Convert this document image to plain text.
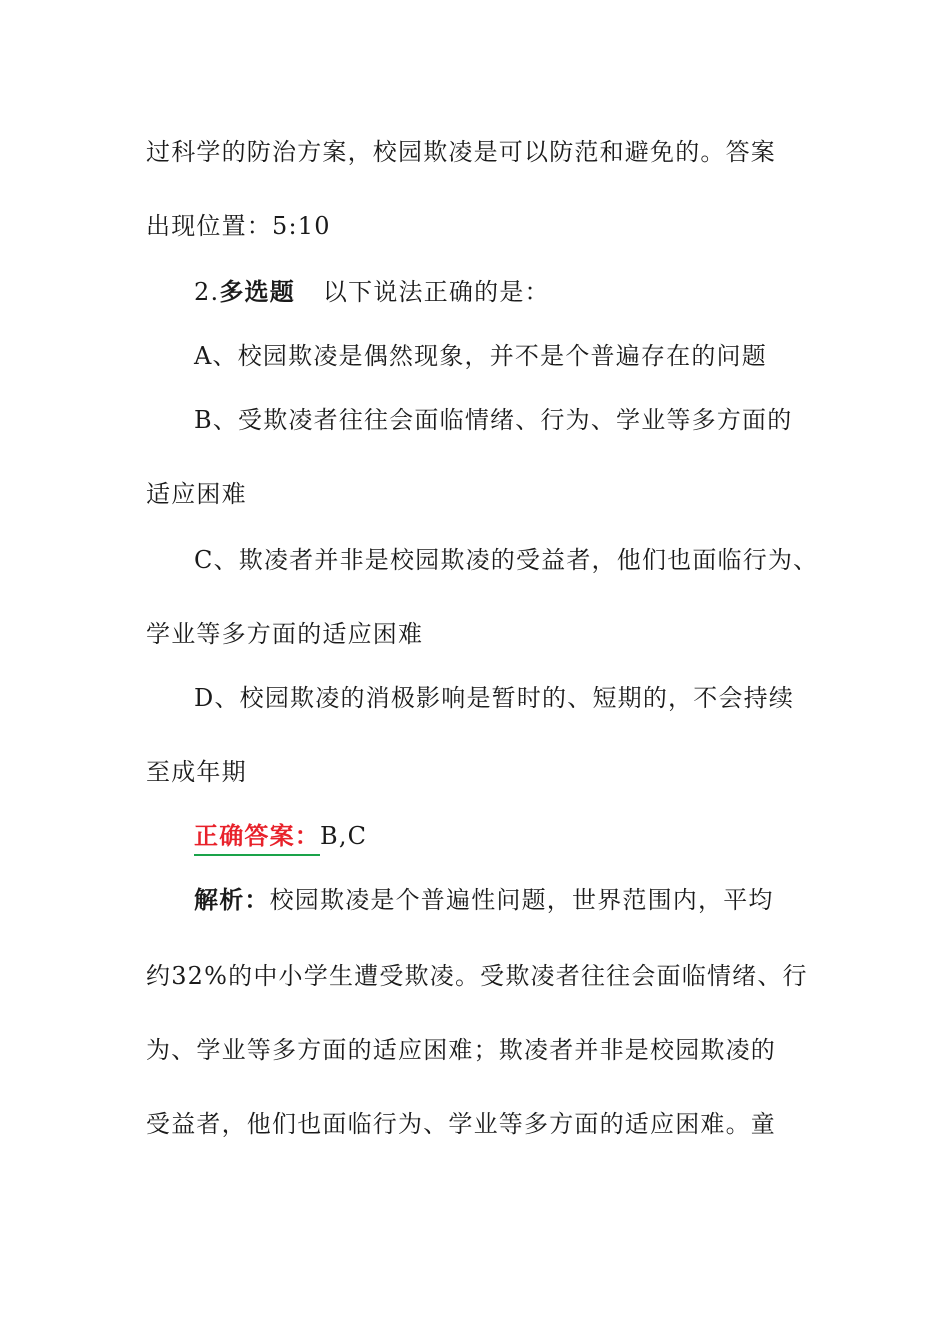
过科学的防治方案，校园欺凌是可以防范和避免的。答案
出现位置：5:10
2.多选题 以下说法正确的是：
A、校园欺凌是偶然现象，并不是个普遍存在的问题
B、受欺凌者往往会面临情绪、行为、学业等多方面的
适应困难
C、欺凌者并非是校园欺凌的受益者，他们也面临行为、
学业等多方面的适应困难
D、校园欺凌的消极影响是暂时的、短期的，不会持续
至成年期
正确答案：
B,C
解析：校园欺凌是个普遍性问题，世界范围内，平均
约32%的中小学生遭受欺凌。受欺凌者往往会面临情绪、行
为、学业等多方面的适应困难；欺凌者并非是校园欺凌的
受益者，他们也面临行为、学业等多方面的适应困难。童
